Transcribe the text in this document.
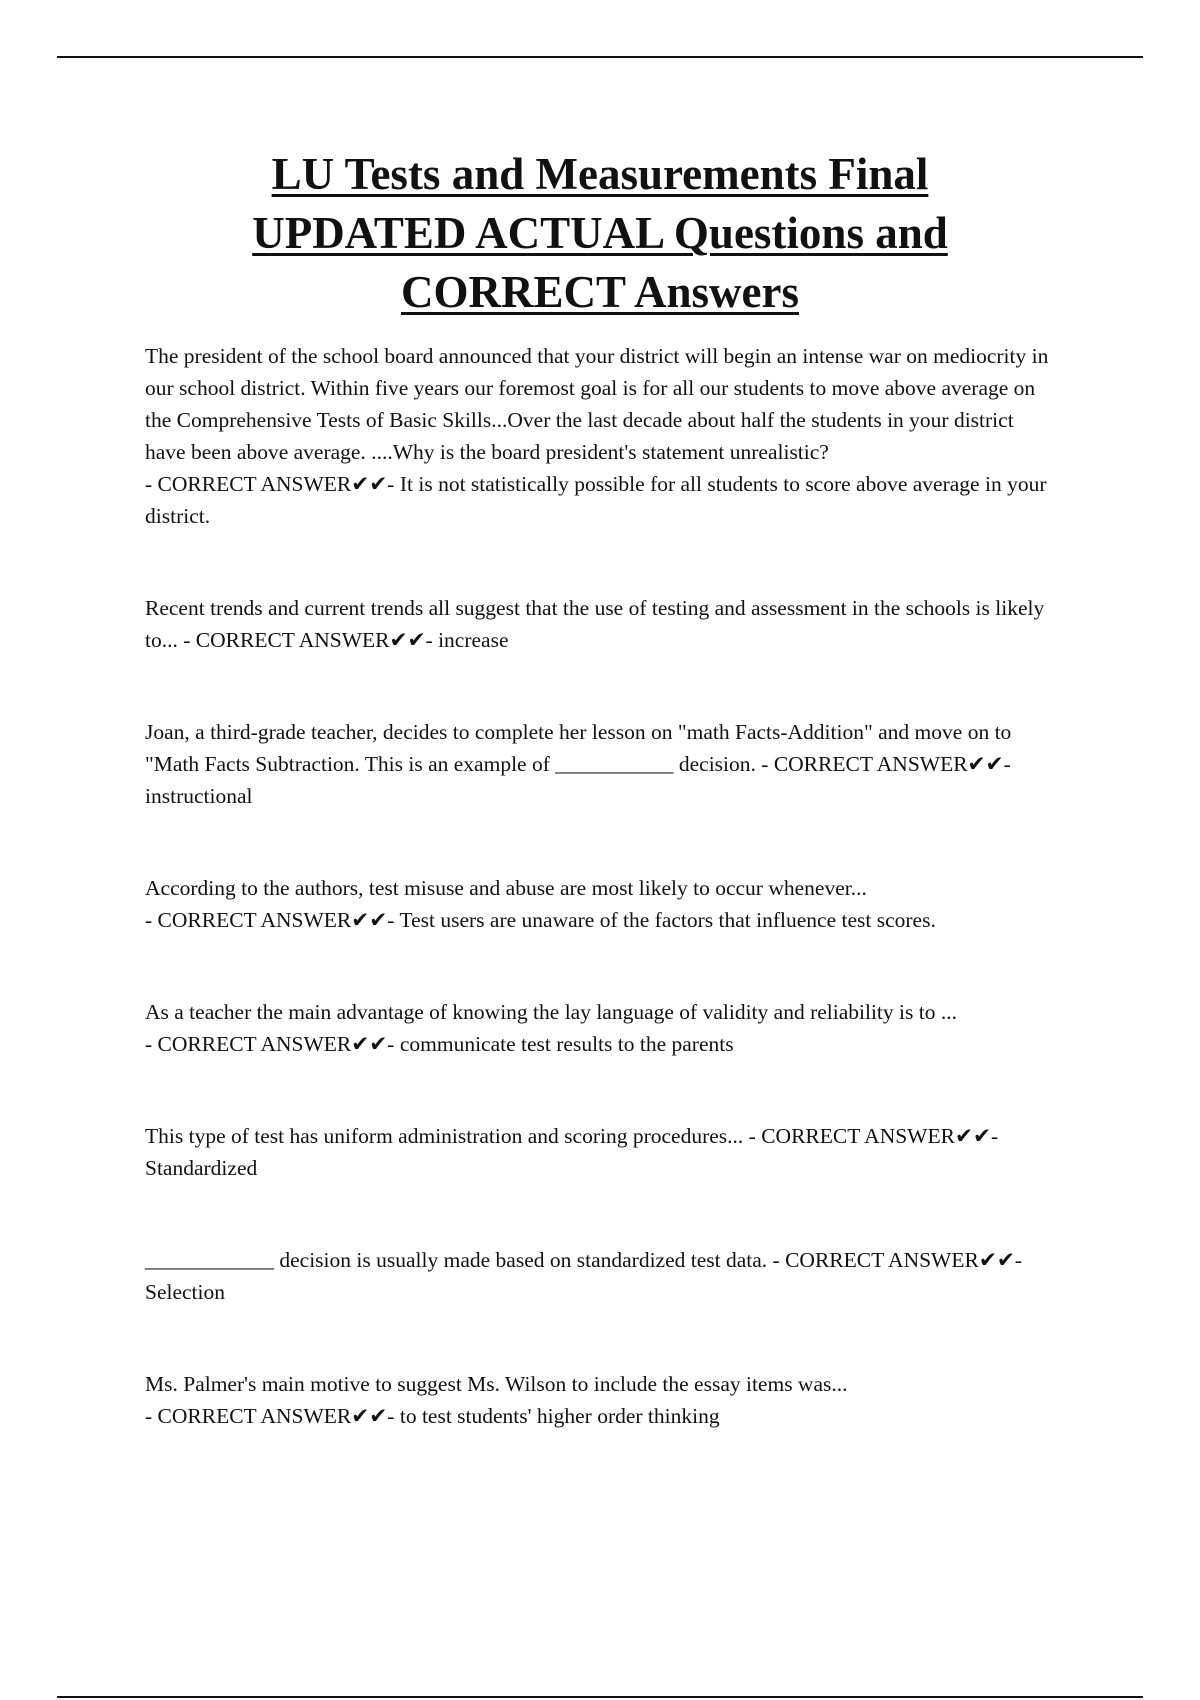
LU Tests and Measurements Final
UPDATED ACTUAL Questions and
CORRECT Answers

The president of the school board announced that your district will begin an intense war on mediocrity in our school district. Within five years our foremost goal is for all our students to move above average on the Comprehensive Tests of Basic Skills...Over the last decade about half the students in your district have been above average. ....Why is the board president's statement unrealistic? - CORRECT ANSWER✔✔- It is not statistically possible for all students to score above average in your district.

Recent trends and current trends all suggest that the use of testing and assessment in the schools is likely to... - CORRECT ANSWER✔✔- increase

Joan, a third-grade teacher, decides to complete her lesson on "math Facts-Addition" and move on to "Math Facts Subtraction. This is an example of ___________ decision. - CORRECT ANSWER✔✔- instructional

According to the authors, test misuse and abuse are most likely to occur whenever... - CORRECT ANSWER✔✔- Test users are unaware of the factors that influence test scores.

As a teacher the main advantage of knowing the lay language of validity and reliability is to ... - CORRECT ANSWER✔✔- communicate test results to the parents

This type of test has uniform administration and scoring procedures... - CORRECT ANSWER✔✔- Standardized

____________ decision is usually made based on standardized test data. - CORRECT ANSWER✔✔- Selection

Ms. Palmer's main motive to suggest Ms. Wilson to include the essay items was... - CORRECT ANSWER✔✔- to test students' higher order thinking
